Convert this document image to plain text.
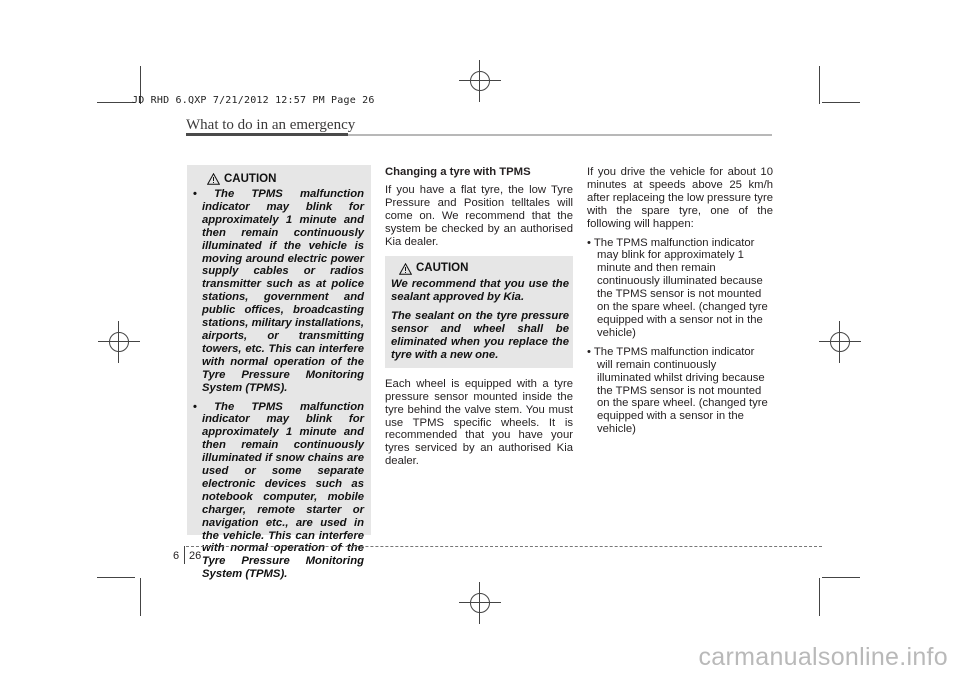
JD RHD 6.QXP 7/21/2012 12:57 PM Page 26
What to do in an emergency
CAUTION
• The TPMS malfunction indicator may blink for approximately 1 minute and then remain continuously illuminated if the vehicle is moving around electric power supply cables or radios transmitter such as at police stations, government and public offices, broadcasting stations, military installations, airports, or transmitting towers, etc. This can interfere with normal operation of the Tyre Pressure Monitoring System (TPMS).
• The TPMS malfunction indicator may blink for approximately 1 minute and then remain continuously illuminated if snow chains are used or some separate electronic devices such as notebook computer, mobile charger, remote starter or navigation etc., are used in the vehicle. This can interfere with normal operation of the Tyre Pressure Monitoring System (TPMS).
Changing a tyre with TPMS

If you have a flat tyre, the low Tyre Pressure and Position telltales will come on. We recommend that the system be checked by an authorised Kia dealer.

CAUTION

We recommend that you use the sealant approved by Kia.

The sealant on the tyre pressure sensor and wheel shall be eliminated when you replace the tyre with a new one.

Each wheel is equipped with a tyre pressure sensor mounted inside the tyre behind the valve stem. You must use TPMS specific wheels. It is recommended that you have your tyres serviced by an authorised Kia dealer.

If you drive the vehicle for about 10 minutes at speeds above 25 km/h after replaceing the low pressure tyre with the spare tyre, one of the following will happen:

• The TPMS malfunction indicator may blink for approximately 1 minute and then remain continuously illuminated because the TPMS sensor is not mounted on the spare wheel. (changed tyre equipped with a sensor not in the vehicle)
• The TPMS malfunction indicator will remain continuously illuminated whilst driving because the TPMS sensor is not mounted on the spare wheel. (changed tyre equipped with a sensor in the vehicle)
6 26
carmanualsonline.info
